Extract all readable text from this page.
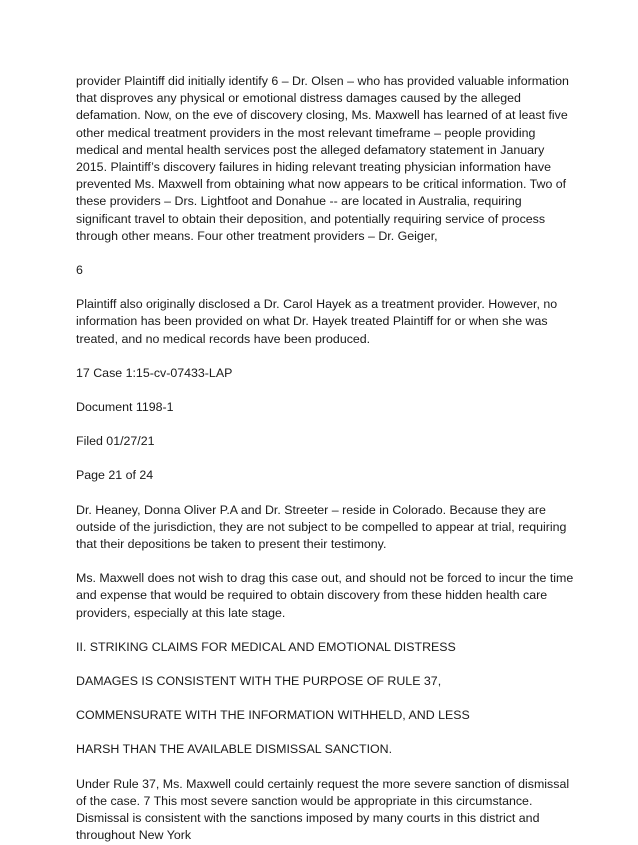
provider Plaintiff did initially identify 6 – Dr. Olsen – who has provided valuable information that disproves any physical or emotional distress damages caused by the alleged defamation. Now, on the eve of discovery closing, Ms. Maxwell has learned of at least five other medical treatment providers in the most relevant timeframe – people providing medical and mental health services post the alleged defamatory statement in January 2015. Plaintiff’s discovery failures in hiding relevant treating physician information have prevented Ms. Maxwell from obtaining what now appears to be critical information. Two of these providers – Drs. Lightfoot and Donahue -- are located in Australia, requiring significant travel to obtain their deposition, and potentially requiring service of process through other means. Four other treatment providers – Dr. Geiger,

6

Plaintiff also originally disclosed a Dr. Carol Hayek as a treatment provider. However, no information has been provided on what Dr. Hayek treated Plaintiff for or when she was treated, and no medical records have been produced.

17 Case 1:15-cv-07433-LAP

Document 1198-1

Filed 01/27/21

Page 21 of 24

Dr. Heaney, Donna Oliver P.A and Dr. Streeter – reside in Colorado. Because they are outside of the jurisdiction, they are not subject to be compelled to appear at trial, requiring that their depositions be taken to present their testimony.

Ms. Maxwell does not wish to drag this case out, and should not be forced to incur the time and expense that would be required to obtain discovery from these hidden health care providers, especially at this late stage.

II. STRIKING CLAIMS FOR MEDICAL AND EMOTIONAL DISTRESS

DAMAGES IS CONSISTENT WITH THE PURPOSE OF RULE 37,

COMMENSURATE WITH THE INFORMATION WITHHELD, AND LESS

HARSH THAN THE AVAILABLE DISMISSAL SANCTION.

Under Rule 37, Ms. Maxwell could certainly request the more severe sanction of dismissal of the case. 7 This most severe sanction would be appropriate in this circumstance. Dismissal is consistent with the sanctions imposed by many courts in this district and throughout New York
